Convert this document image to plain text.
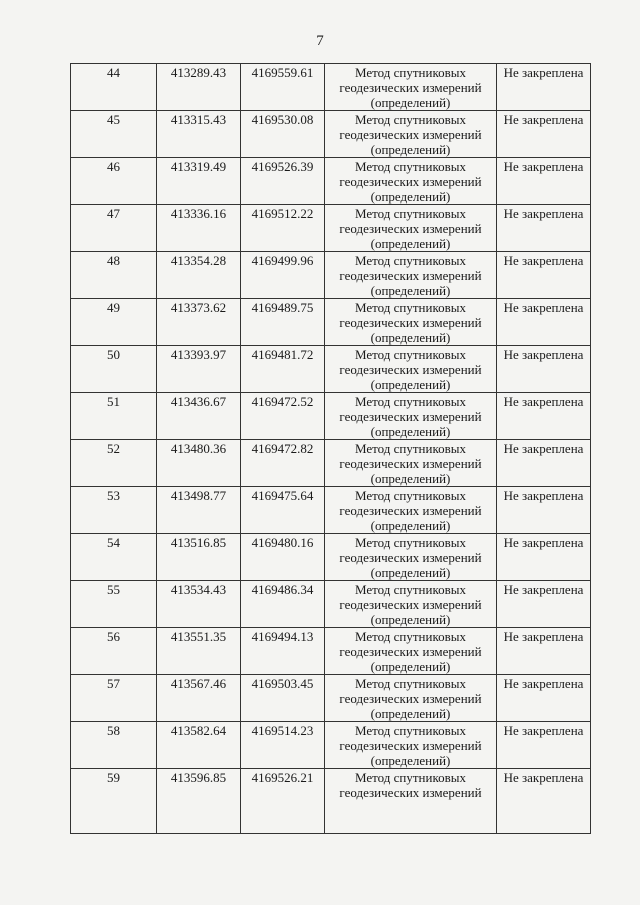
7
44	413289.43	4169559.61	Метод спутниковых
геодезических измерений
(определений)	Не закреплена
45	413315.43	4169530.08	Метод спутниковых
геодезических измерений
(определений)	Не закреплена
46	413319.49	4169526.39	Метод спутниковых
геодезических измерений
(определений)	Не закреплена
47	413336.16	4169512.22	Метод спутниковых
геодезических измерений
(определений)	Не закреплена
48	413354.28	4169499.96	Метод спутниковых
геодезических измерений
(определений)	Не закреплена
49	413373.62	4169489.75	Метод спутниковых
геодезических измерений
(определений)	Не закреплена
50	413393.97	4169481.72	Метод спутниковых
геодезических измерений
(определений)	Не закреплена
51	413436.67	4169472.52	Метод спутниковых
геодезических измерений
(определений)	Не закреплена
52	413480.36	4169472.82	Метод спутниковых
геодезических измерений
(определений)	Не закреплена
53	413498.77	4169475.64	Метод спутниковых
геодезических измерений
(определений)	Не закреплена
54	413516.85	4169480.16	Метод спутниковых
геодезических измерений
(определений)	Не закреплена
55	413534.43	4169486.34	Метод спутниковых
геодезических измерений
(определений)	Не закреплена
56	413551.35	4169494.13	Метод спутниковых
геодезических измерений
(определений)	Не закреплена
57	413567.46	4169503.45	Метод спутниковых
геодезических измерений
(определений)	Не закреплена
58	413582.64	4169514.23	Метод спутниковых
геодезических измерений
(определений)	Не закреплена
59	413596.85	4169526.21	Метод спутниковых
геодезических измерений	Не закреплена
